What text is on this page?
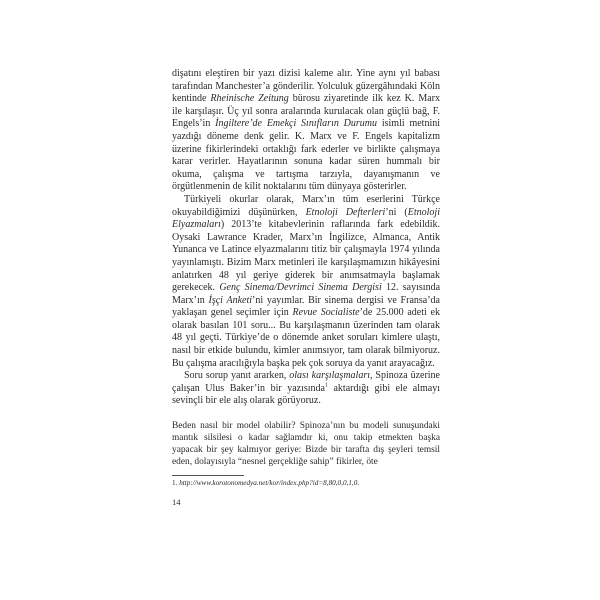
dişatını eleştiren bir yazı dizisi kaleme alır. Yine aynı yıl babası tarafından Manchester’a gönderilir. Yolculuk güzergâhındaki Köln kentinde Rheinische Zeitung bürosu ziyaretinde ilk kez K. Marx ile karşılaşır. Üç yıl sonra aralarında kurulacak olan güçlü bağ, F. Engels’in İngiltere’de Emekçi Sınıfların Durumu isimli metnini yazdığı döneme denk gelir. K. Marx ve F. Engels kapitalizm üzerine fikirlerindeki ortaklığı fark ederler ve birlikte çalışmaya karar verirler. Hayatlarının sonuna kadar süren hummalı bir okuma, çalışma ve tartışma tarzıyla, dayanışmanın ve örgütlenmenin de kilit noktalarını tüm dünyaya gösterirler.

Türkiyeli okurlar olarak, Marx’ın tüm eserlerini Türkçe okuyabildiğimizi düşünürken, Etnoloji Defterleri’ni (Etnoloji Elyazmaları) 2013’te kitabevlerinin raflarında fark edebildik. Oysaki Lawrance Krader, Marx’ın İngilizce, Almanca, Antik Yunanca ve Latince elyazmalarını titiz bir çalışmayla 1974 yılında yayınlamıştı. Bizim Marx metinleri ile karşılaşmamızın hikâyesini anlatırken 48 yıl geriye giderek bir anımsatmayla başlamak gerekecek. Genç Sinema/Devrimci Sinema Dergisi 12. sayısında Marx’ın İşçi Anketi’ni yayımlar. Bir sinema dergisi ve Fransa’da yaklaşan genel seçimler için Revue Socialiste’de 25.000 adeti ek olarak basılan 101 soru... Bu karşılaşmanın üzerinden tam olarak 48 yıl geçti. Türkiye’de o dönemde anket soruları kimlere ulaştı, nasıl bir etkide bulundu, kimler anımsıyor, tam olarak bilmiyoruz. Bu çalışma aracılığıyla başka pek çok soruya da yanıt arayacağız.

Soru sorup yanıt ararken, olası karşılaşmaları, Spinoza üzerine çalışan Ulus Baker’in bir yazısında$^1$ aktardığı gibi ele almayı sevinçli bir ele alış olarak görüyoruz.

Beden nasıl bir model olabilir? Spinoza’nın bu modeli sunuşundaki mantık silsilesi o kadar sağlamdır ki, onu takip etmekten başka yapacak bir şey kalmıyor geriye: Bizde bir tarafta dış şeyleri temsil eden, dolayısıyla “nesnel gerçekliğe sahip” fikirler, öte

1. http://www.korotonomedya.net/kor/index.php?id=8,80,0,0,1,0.

14
